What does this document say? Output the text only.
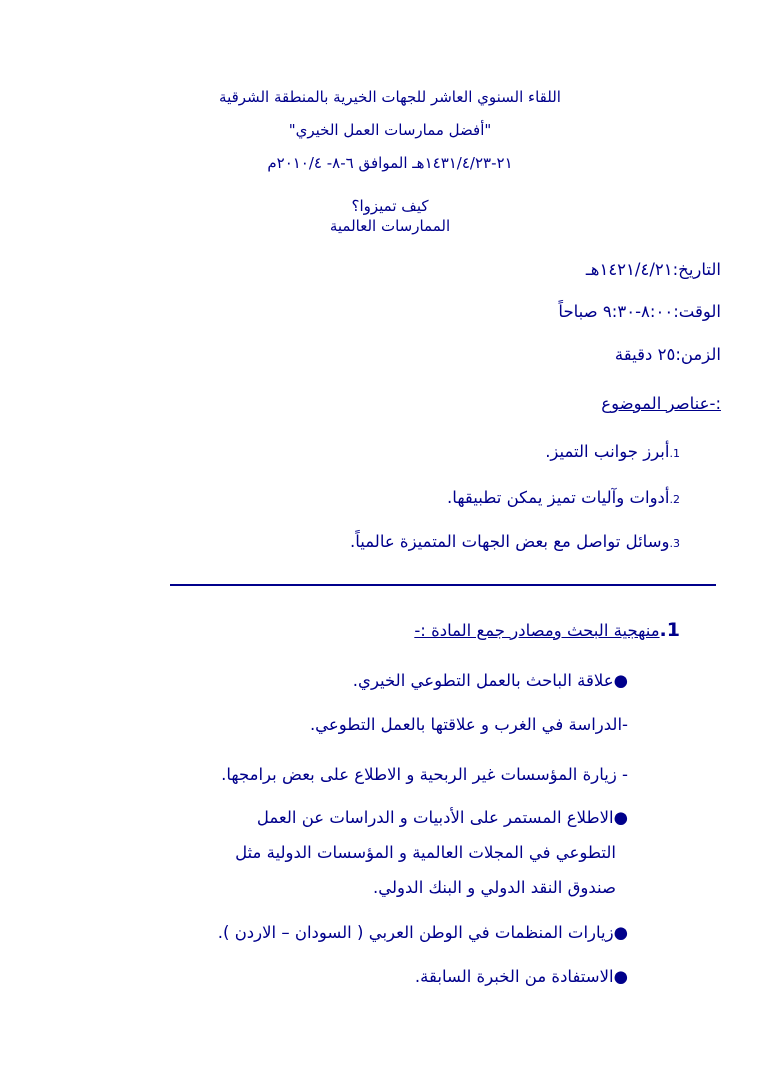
اللقاء السنوي العاشر للجهات الخيرية بالمنطقة الشرقية
"أفضل ممارسات العمل الخيري"
٢١-١٤٣١/٤/٢٣هـ الموافق ٦-٨- ٢٠١٠/٤م
كيف تميزوا؟
الممارسات العالمية
التاريخ:١٤٢١/٤/٢١هـ
الوقت:٨:٠٠-٩:٣٠ صباحاً
الزمن:٢٥ دقيقة
:-عناصر الموضوع
1.أبرز جوانب التميز.
2.أدوات وآليات تميز يمكن تطبيقها.
3.وسائل تواصل مع بعض الجهات المتميزة عالمياً.
1.منهجية البحث ومصادر جمع المادة :-
●علاقة الباحث بالعمل التطوعي الخيري.
-الدراسة في الغرب و علاقتها بالعمل التطوعي.
- زيارة المؤسسات غير الربحية و الاطلاع على بعض برامجها.
●الاطلاع المستمر على الأدبيات و الدراسات عن العمل
التطوعي في المجلات العالمية و المؤسسات الدولية مثل
صندوق النقد الدولي و البنك الدولي.
●زيارات المنظمات في الوطن العربي ( السودان – الاردن ).
●الاستفادة من الخبرة السابقة.
